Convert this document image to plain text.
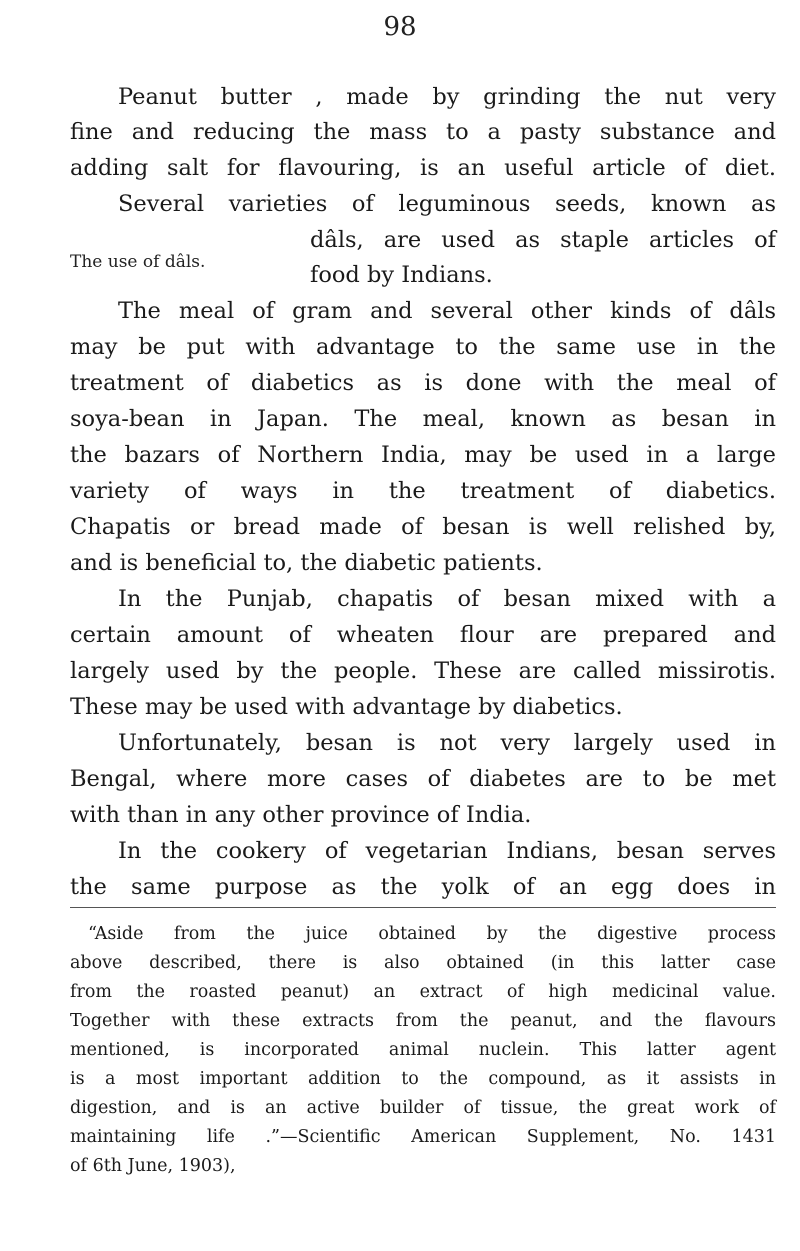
98

Peanut butter , made by grinding the nut very

fine and reducing the mass to a pasty substance and

adding salt for flavouring, is an useful article of diet.

Several varieties of leguminous seeds, known as

dâls, are used as staple articles of

The use of dâls.	food by Indians.

The meal of gram and several other kinds of dâls

may be put with advantage to the same use in the

treatment of diabetics as is done with the meal of

soya-bean in Japan. The meal, known as besan in

the bazars of Northern India, may be used in a large

variety of ways in the treatment of diabetics.

Chapatis or bread made of besan is well relished by,

and is beneficial to, the diabetic patients.

In the Punjab, chapatis of besan mixed with a

certain amount of wheaten flour are prepared and

largely used by the people. These are called missirotis.

These may be used with advantage by diabetics.

Unfortunately, besan is not very largely used in

Bengal, where more cases of diabetes are to be met

with than in any other province of India.

In the cookery of vegetarian Indians, besan serves

the same purpose as the yolk of an egg does in

“Aside from the juice obtained by the digestive process

above described, there is also obtained (in this latter case

from the roasted peanut) an extract of high medicinal value.

Together with these extracts from the peanut, and the flavours

mentioned, is incorporated animal nuclein. This latter agent

is a most important addition to the compound, as it assists in

digestion, and is an active builder of tissue, the great work of

maintaining life .”—Scientific American Supplement, No. 1431

of 6th June, 1903),
